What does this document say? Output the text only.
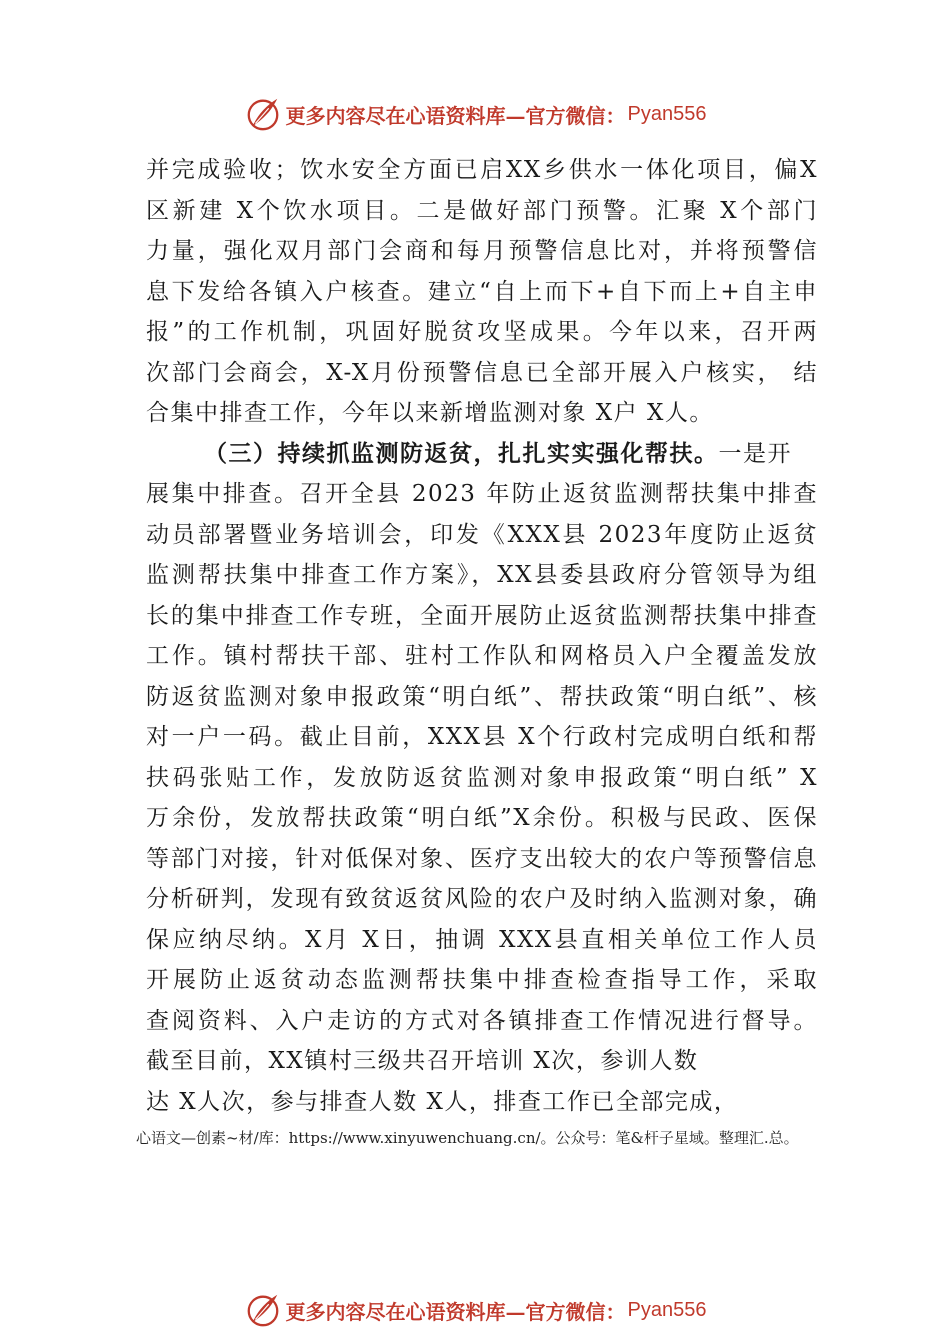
更多内容尽在心语资料库—官方微信： Pyan556
并完成验收；饮水安全方面已启XX乡供水一体化项目，偏X
区新建 X个饮水项目。二是做好部门预警。汇聚 X个部门
力量，强化双月部门会商和每月预警信息比对，并将预警信
息下发给各镇入户核查。建立“自上而下+自下而上+自主申
报”的工作机制，巩固好脱贫攻坚成果。今年以来，召开两
次部门会商会，X-X月份预警信息已全部开展入户核实， 结
合集中排查工作，今年以来新增监测对象 X户 X人。
（三）持续抓监测防返贫，扎扎实实强化帮扶。一是开
展集中排查。召开全县 2023 年防止返贫监测帮扶集中排查
动员部署暨业务培训会，印发《XXX县 2023年度防止返贫
监测帮扶集中排查工作方案》，XX县委县政府分管领导为组
长的集中排查工作专班，全面开展防止返贫监测帮扶集中排查
工作。镇村帮扶干部、驻村工作队和网格员入户全覆盖发放
防返贫监测对象申报政策“明白纸”、帮扶政策“明白纸”、核
对一户一码。截止目前，XXX县 X个行政村完成明白纸和帮
扶码张贴工作，发放防返贫监测对象申报政策“明白纸” X
万余份，发放帮扶政策“明白纸”X余份。积极与民政、医保
等部门对接，针对低保对象、医疗支出较大的农户等预警信息
分析研判，发现有致贫返贫风险的农户及时纳入监测对象，确
保应纳尽纳。X月 X日，抽调 XXX县直相关单位工作人员
开展防止返贫动态监测帮扶集中排查检查指导工作，采取
查阅资料、入户走访的方式对各镇排查工作情况进行督导。
截至目前，XX镇村三级共召开培训 X次，参训人数
达 X人次，参与排查人数 X人，排查工作已全部完成，
心语文—创素~材/库：https://www.xinyuwenchuang.cn/。公众号：笔&杆子星域。整理汇.总。
更多内容尽在心语资料库—官方微信： Pyan556
